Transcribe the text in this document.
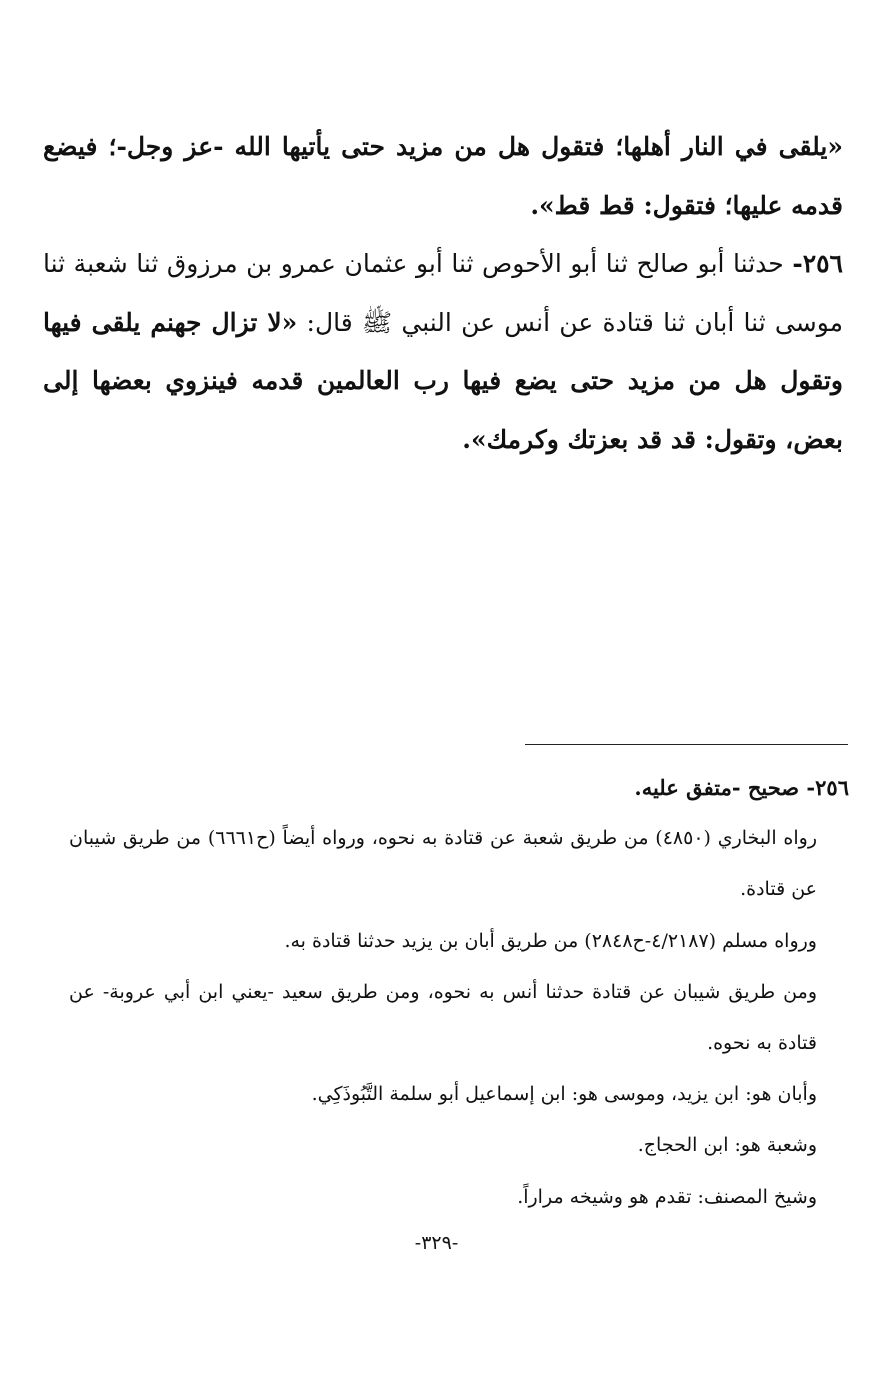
«يلقى في النار أهلها؛ فتقول هل من مزيد حتى يأتيها الله -عز وجل-؛ فيضع قدمه عليها؛ فتقول: قط قط».

٢٥٦- حدثنا أبو صالح ثنا أبو الأحوص ثنا أبو عثمان عمرو بن مرزوق ثنا شعبة ثنا موسى ثنا أبان ثنا قتادة عن أنس عن النبي ﷺ قال: «لا تزال جهنم يلقى فيها وتقول هل من مزيد حتى يضع فيها رب العالمين قدمه فينزوي بعضها إلى بعض، وتقول: قد قد بعزتك وكرمك».

٢٥٦- صحيح -متفق عليه.

رواه البخاري (٤٨٥٠) من طريق شعبة عن قتادة به نحوه، ورواه أيضاً (ح٦٦٦١) من طريق شيبان عن قتادة.

ورواه مسلم (٤/٢١٨٧-ح٢٨٤٨) من طريق أبان بن يزيد حدثنا قتادة به.

ومن طريق شيبان عن قتادة حدثنا أنس به نحوه، ومن طريق سعيد -يعني ابن أبي عروبة- عن قتادة به نحوه.

وأبان هو: ابن يزيد، وموسى هو: ابن إسماعيل أبو سلمة التَّبُوذَكِي.

وشعبة هو: ابن الحجاج.

وشيخ المصنف: تقدم هو وشيخه مراراً.

-٣٢٩-
